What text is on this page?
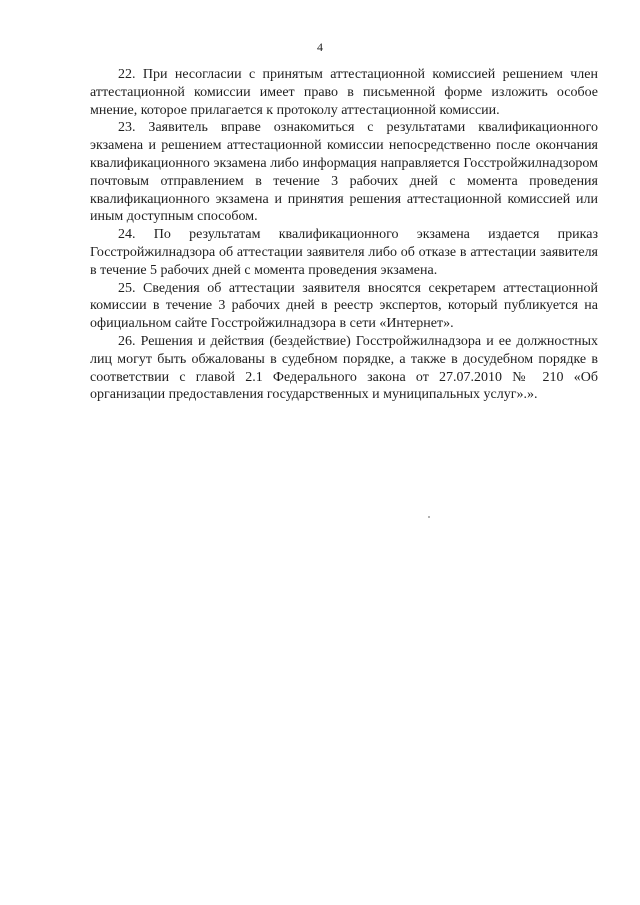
4

22. При несогласии с принятым аттестационной комиссией решением член аттестационной комиссии имеет право в письменной форме изложить особое мнение, которое прилагается к протоколу аттестационной комиссии.

23. Заявитель вправе ознакомиться с результатами квалификационного экзамена и решением аттестационной комиссии непосредственно после окончания квалификационного экзамена либо информация направляется Госстройжилнадзором почтовым отправлением в течение 3 рабочих дней с момента проведения квалификационного экзамена и принятия решения аттестационной комиссией или иным доступным способом.

24. По результатам квалификационного экзамена издается приказ Госстройжилнадзора об аттестации заявителя либо об отказе в аттестации заявителя в течение 5 рабочих дней с момента проведения экзамена.

25. Сведения об аттестации заявителя вносятся секретарем аттестационной комиссии в течение 3 рабочих дней в реестр экспертов, который публикуется на официальном сайте Госстройжилнадзора в сети «Интернет».

26. Решения и действия (бездействие) Госстройжилнадзора и ее должностных лиц могут быть обжалованы в судебном порядке, а также в досудебном порядке в соответствии с главой 2.1 Федерального закона от 27.07.2010 № 210 «Об организации предоставления государственных и муниципальных услуг».».
